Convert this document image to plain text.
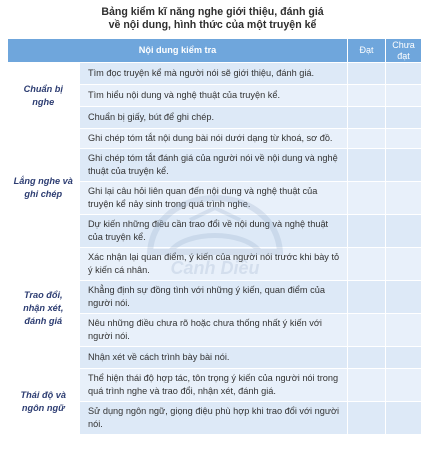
Bảng kiểm kĩ năng nghe giới thiệu, đánh giá
về nội dung, hình thức của một truyện kể
Nội dung kiểm tra		Đạt	Chưa đạt
Chuẩn bị nghe	Tìm đọc truyện kể mà người nói sẽ giới thiệu, đánh giá.		
	Tìm hiểu nội dung và nghệ thuật của truyện kể.		
	Chuẩn bị giấy, bút để ghi chép.		
Lắng nghe và ghi chép	Ghi chép tóm tắt nội dung bài nói dưới dạng từ khoá, sơ đồ.		
	Ghi chép tóm tắt đánh giá của người nói về nội dung và nghệ thuật của truyện kể.		
	Ghi lại câu hỏi liên quan đến nội dung và nghệ thuật của truyện kể nảy sinh trong quá trình nghe.		
	Dự kiến những điều cần trao đổi về nội dung và nghệ thuật của truyện kể.		
Trao đổi, nhận xét, đánh giá	Xác nhận lại quan điểm, ý kiến của người nói trước khi bày tỏ ý kiến cá nhân.		
	Khẳng định sự đồng tình với những ý kiến, quan điểm của người nói.		
	Nêu những điều chưa rõ hoặc chưa thống nhất ý kiến với người nói.		
	Nhận xét về cách trình bày bài nói.		
Thái độ và ngôn ngữ	Thể hiện thái độ hợp tác, tôn trọng ý kiến của người nói trong quá trình nghe và trao đổi, nhận xét, đánh giá.		
	Sử dụng ngôn ngữ, giọng điệu phù hợp khi trao đổi với người nói.		
Cánh Diều
